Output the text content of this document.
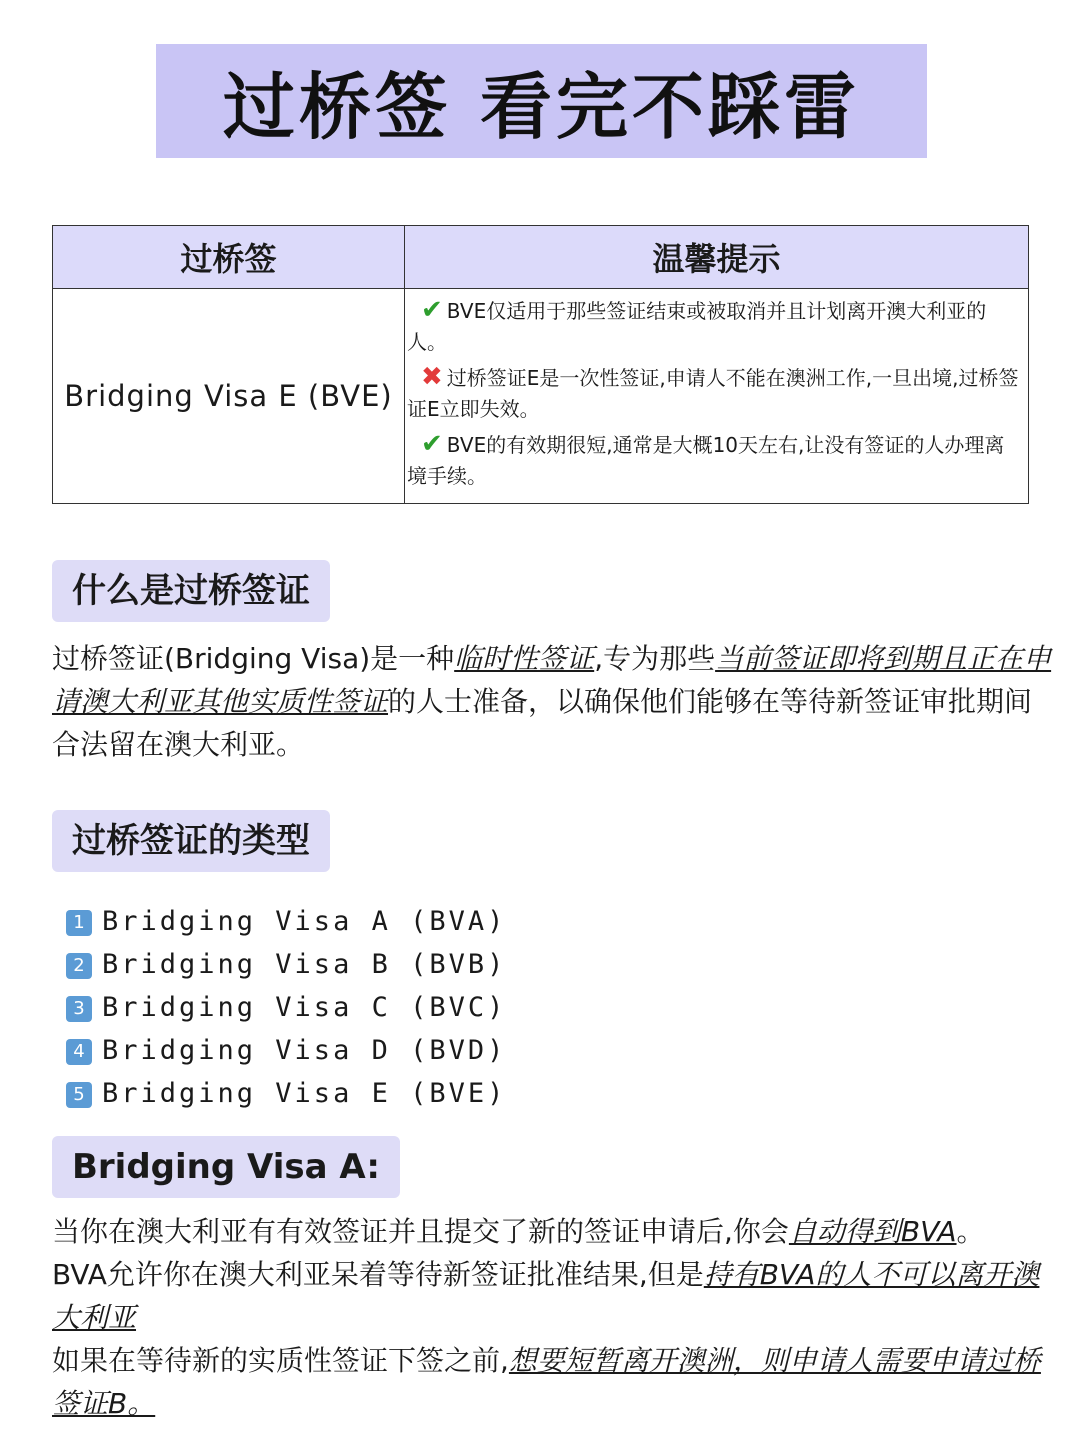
过桥签 看完不踩雷
过桥签	温馨提示
Bridging Visa E (BVE)	✔ BVE仅适用于那些签证结束或被取消并且计划离开澳大利亚的人。
✖ 过桥签证E是一次性签证,申请人不能在澳洲工作,一旦出境,过桥签证E立即失效。
✔ BVE的有效期很短,通常是大概10天左右,让没有签证的人办理离境手续。
什么是过桥签证
过桥签证(Bridging Visa)是一种临时性签证,专为那些当前签证即将到期且正在申请澳大利亚其他实质性签证的人士准备，以确保他们能够在等待新签证审批期间合法留在澳大利亚。
过桥签证的类型
1 Bridging Visa A (BVA)
2 Bridging Visa B (BVB)
3 Bridging Visa C (BVC)
4 Bridging Visa D (BVD)
5 Bridging Visa E (BVE)
Bridging Visa A:
当你在澳大利亚有有效签证并且提交了新的签证申请后,你会自动得到BVA。
BVA允许你在澳大利亚呆着等待新签证批准结果,但是持有BVA的人不可以离开澳大利亚
如果在等待新的实质性签证下签之前,想要短暂离开澳洲，则申请人需要申请过桥签证B。
